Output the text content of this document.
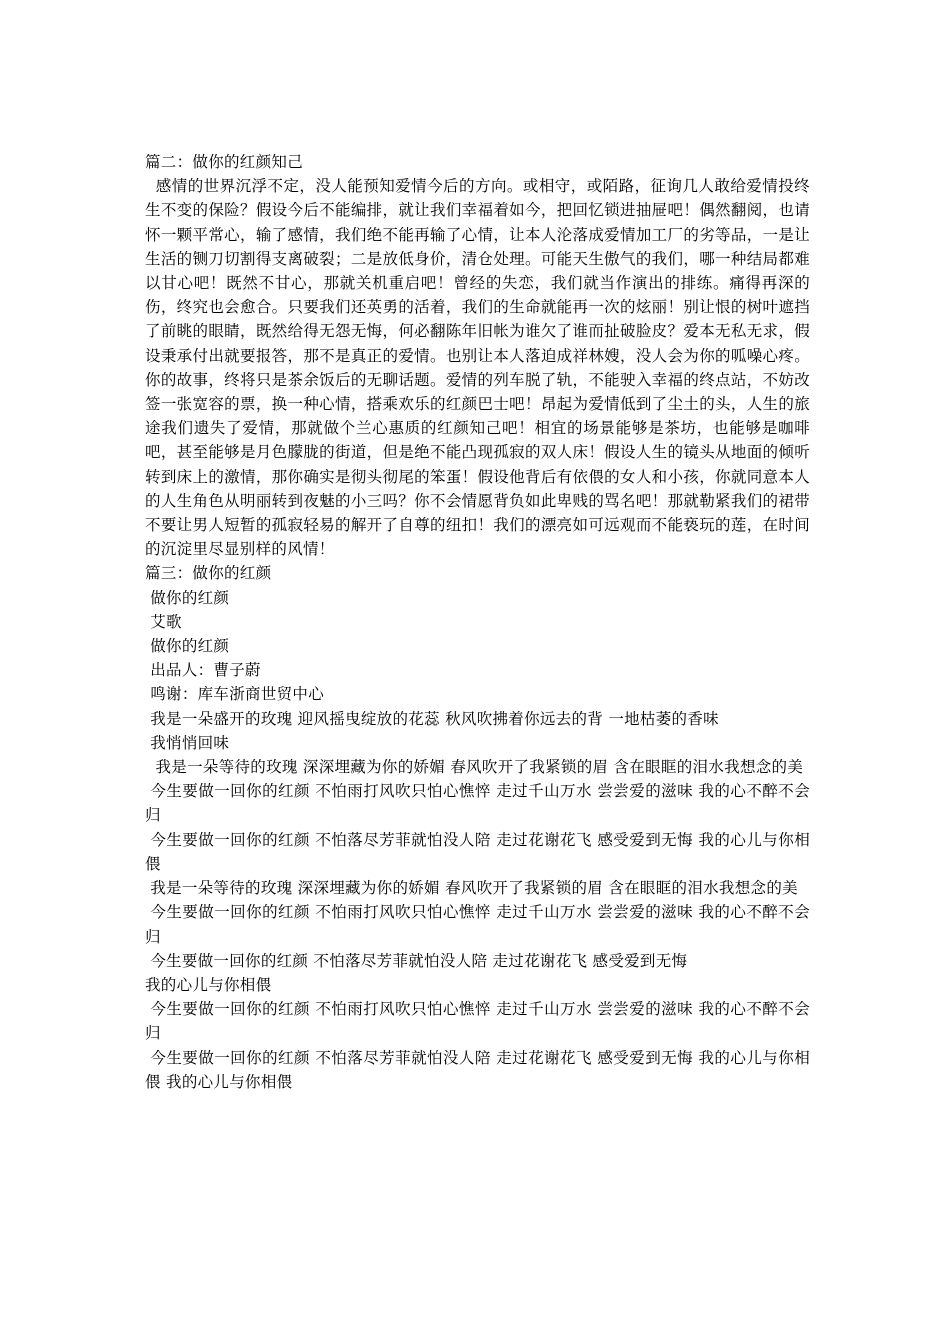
篇二：做你的红颜知己

感情的世界沉浮不定，没人能预知爱情今后的方向。或相守，或陌路，征询几人敢给爱情投终生不变的保险？假设今后不能编排，就让我们幸福着如今，把回忆锁进抽屉吧！偶然翻阅，也请怀一颗平常心，输了感情，我们绝不能再输了心情，让本人沦落成爱情加工厂的劣等品，一是让生活的铡刀切割得支离破裂；二是放低身价，清仓处理。可能天生傲气的我们，哪一种结局都难以甘心吧！既然不甘心，那就关机重启吧！曾经的失恋，我们就当作演出的排练。痛得再深的伤，终究也会愈合。只要我们还英勇的活着，我们的生命就能再一次的炫丽！别让恨的树叶遮挡了前眺的眼睛，既然给得无怨无悔，何必翻陈年旧帐为谁欠了谁而扯破脸皮？爱本无私无求，假设秉承付出就要报答，那不是真正的爱情。也别让本人落迫成祥林嫂，没人会为你的呱噪心疼。你的故事，终将只是茶余饭后的无聊话题。爱情的列车脱了轨，不能驶入幸福的终点站，不妨改签一张宽容的票，换一种心情，搭乘欢乐的红颜巴士吧！昂起为爱情低到了尘土的头，人生的旅途我们遗失了爱情，那就做个兰心惠质的红颜知己吧！相宜的场景能够是茶坊，也能够是咖啡吧，甚至能够是月色朦胧的街道，但是绝不能凸现孤寂的双人床！假设人生的镜头从地面的倾听转到床上的激情，那你确实是彻头彻尾的笨蛋！假设他背后有依偎的女人和小孩，你就同意本人的人生角色从明丽转到夜魅的小三吗？你不会情愿背负如此卑贱的骂名吧！那就勒紧我们的裙带不要让男人短暂的孤寂轻易的解开了自尊的纽扣！我们的漂亮如可远观而不能亵玩的莲，在时间的沉淀里尽显别样的风情！

篇三：做你的红颜

做你的红颜

艾歌

做你的红颜

出品人：曹子蔚

鸣谢：库车浙商世贸中心

我是一朵盛开的玫瑰 迎风摇曳绽放的花蕊 秋风吹拂着你远去的背 一地枯萎的香味

我悄悄回味

我是一朵等待的玫瑰 深深埋藏为你的娇媚 春风吹开了我紧锁的眉 含在眼眶的泪水我想念的美

今生要做一回你的红颜 不怕雨打风吹只怕心憔悴 走过千山万水 尝尝爱的滋味 我的心不醉不会归

今生要做一回你的红颜 不怕落尽芳菲就怕没人陪 走过花谢花飞 感受爱到无悔 我的心儿与你相偎

我是一朵等待的玫瑰 深深埋藏为你的娇媚 春风吹开了我紧锁的眉 含在眼眶的泪水我想念的美

今生要做一回你的红颜 不怕雨打风吹只怕心憔悴 走过千山万水 尝尝爱的滋味 我的心不醉不会归

今生要做一回你的红颜 不怕落尽芳菲就怕没人陪 走过花谢花飞 感受爱到无悔

我的心儿与你相偎

今生要做一回你的红颜 不怕雨打风吹只怕心憔悴 走过千山万水 尝尝爱的滋味 我的心不醉不会归

今生要做一回你的红颜 不怕落尽芳菲就怕没人陪 走过花谢花飞 感受爱到无悔 我的心儿与你相偎 我的心儿与你相偎
